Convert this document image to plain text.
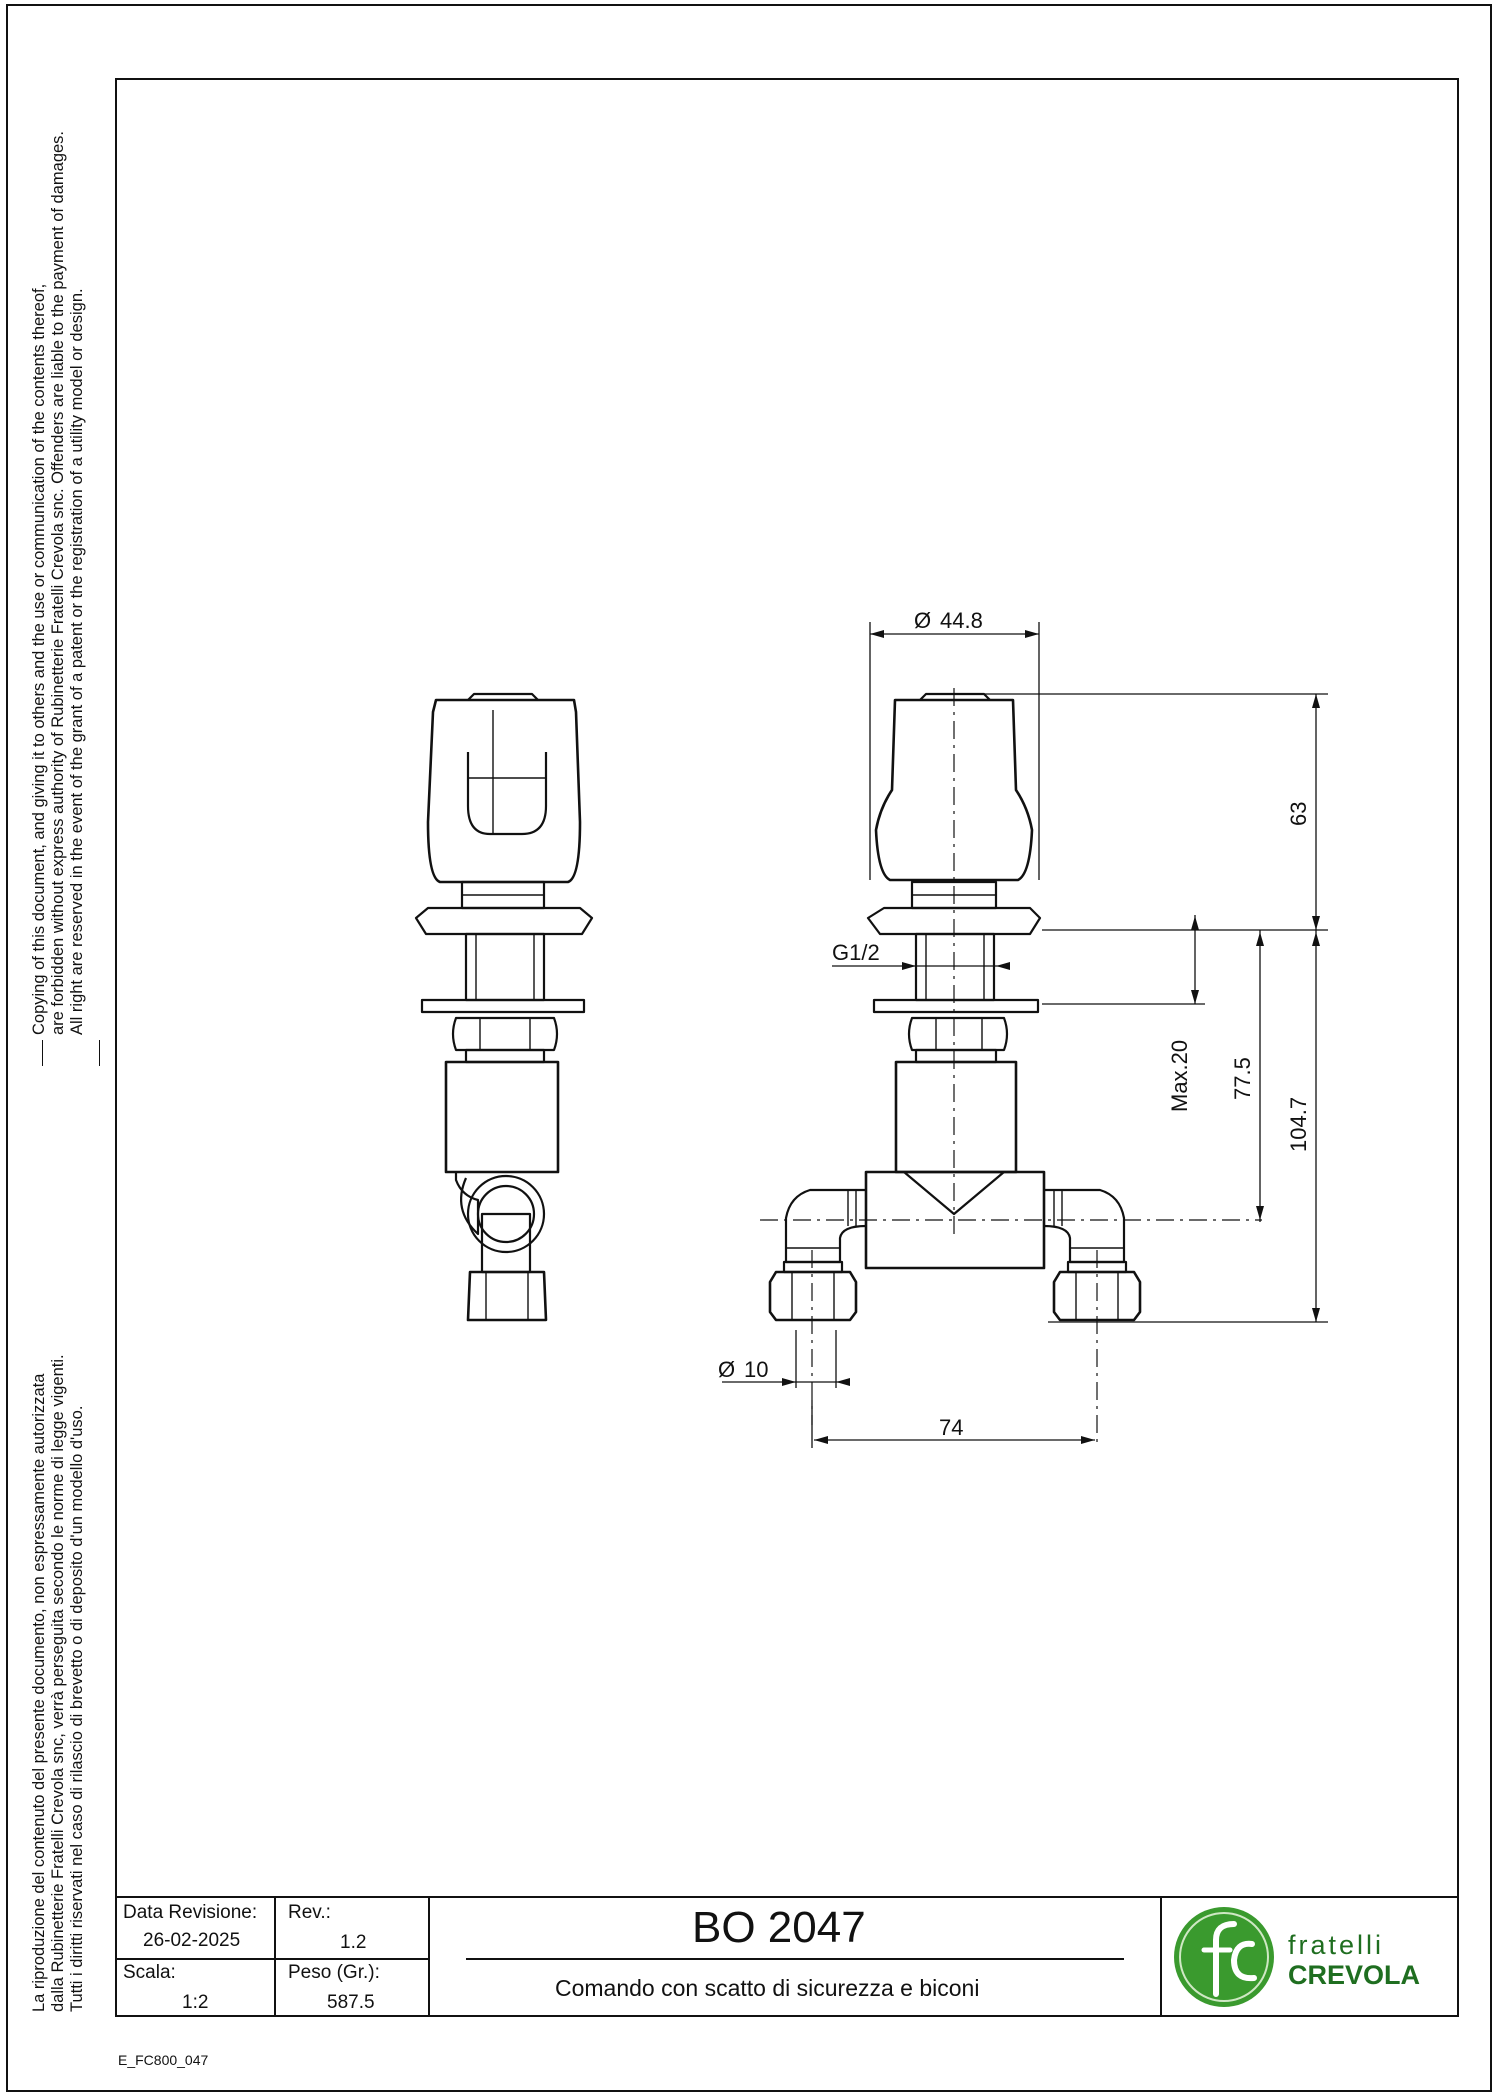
Copying of this document, and giving it to others and the use or communication of the contents thereof, are forbidden without express authority of Rubinetterie Fratelli Crevola snc. Offenders are liable to the payment of damages. All right are reserved in the event of the grant of a patent or the registration of a utility model or design.
La riproduzione del contenuto del presente documento, non espressamente autorizzata dalla Rubinetterie Fratelli Crevola snc, verrà perseguita secondo le norme di legge vigenti. Tutti i diritti riservati nel caso di rilascio di brevetto o di deposito d'un modello d'uso.
Ø 44.8
G1/2
Ø 10
74
63
Max.20 77.5
104.7
Data Revisione:
26-02-2025
Rev.:
1.2
Scala:
1:2
Peso (Gr.):
587.5
BO 2047
Comando con scatto di sicurezza e biconi
fratelli
CREVOLA
E_FC800_047
